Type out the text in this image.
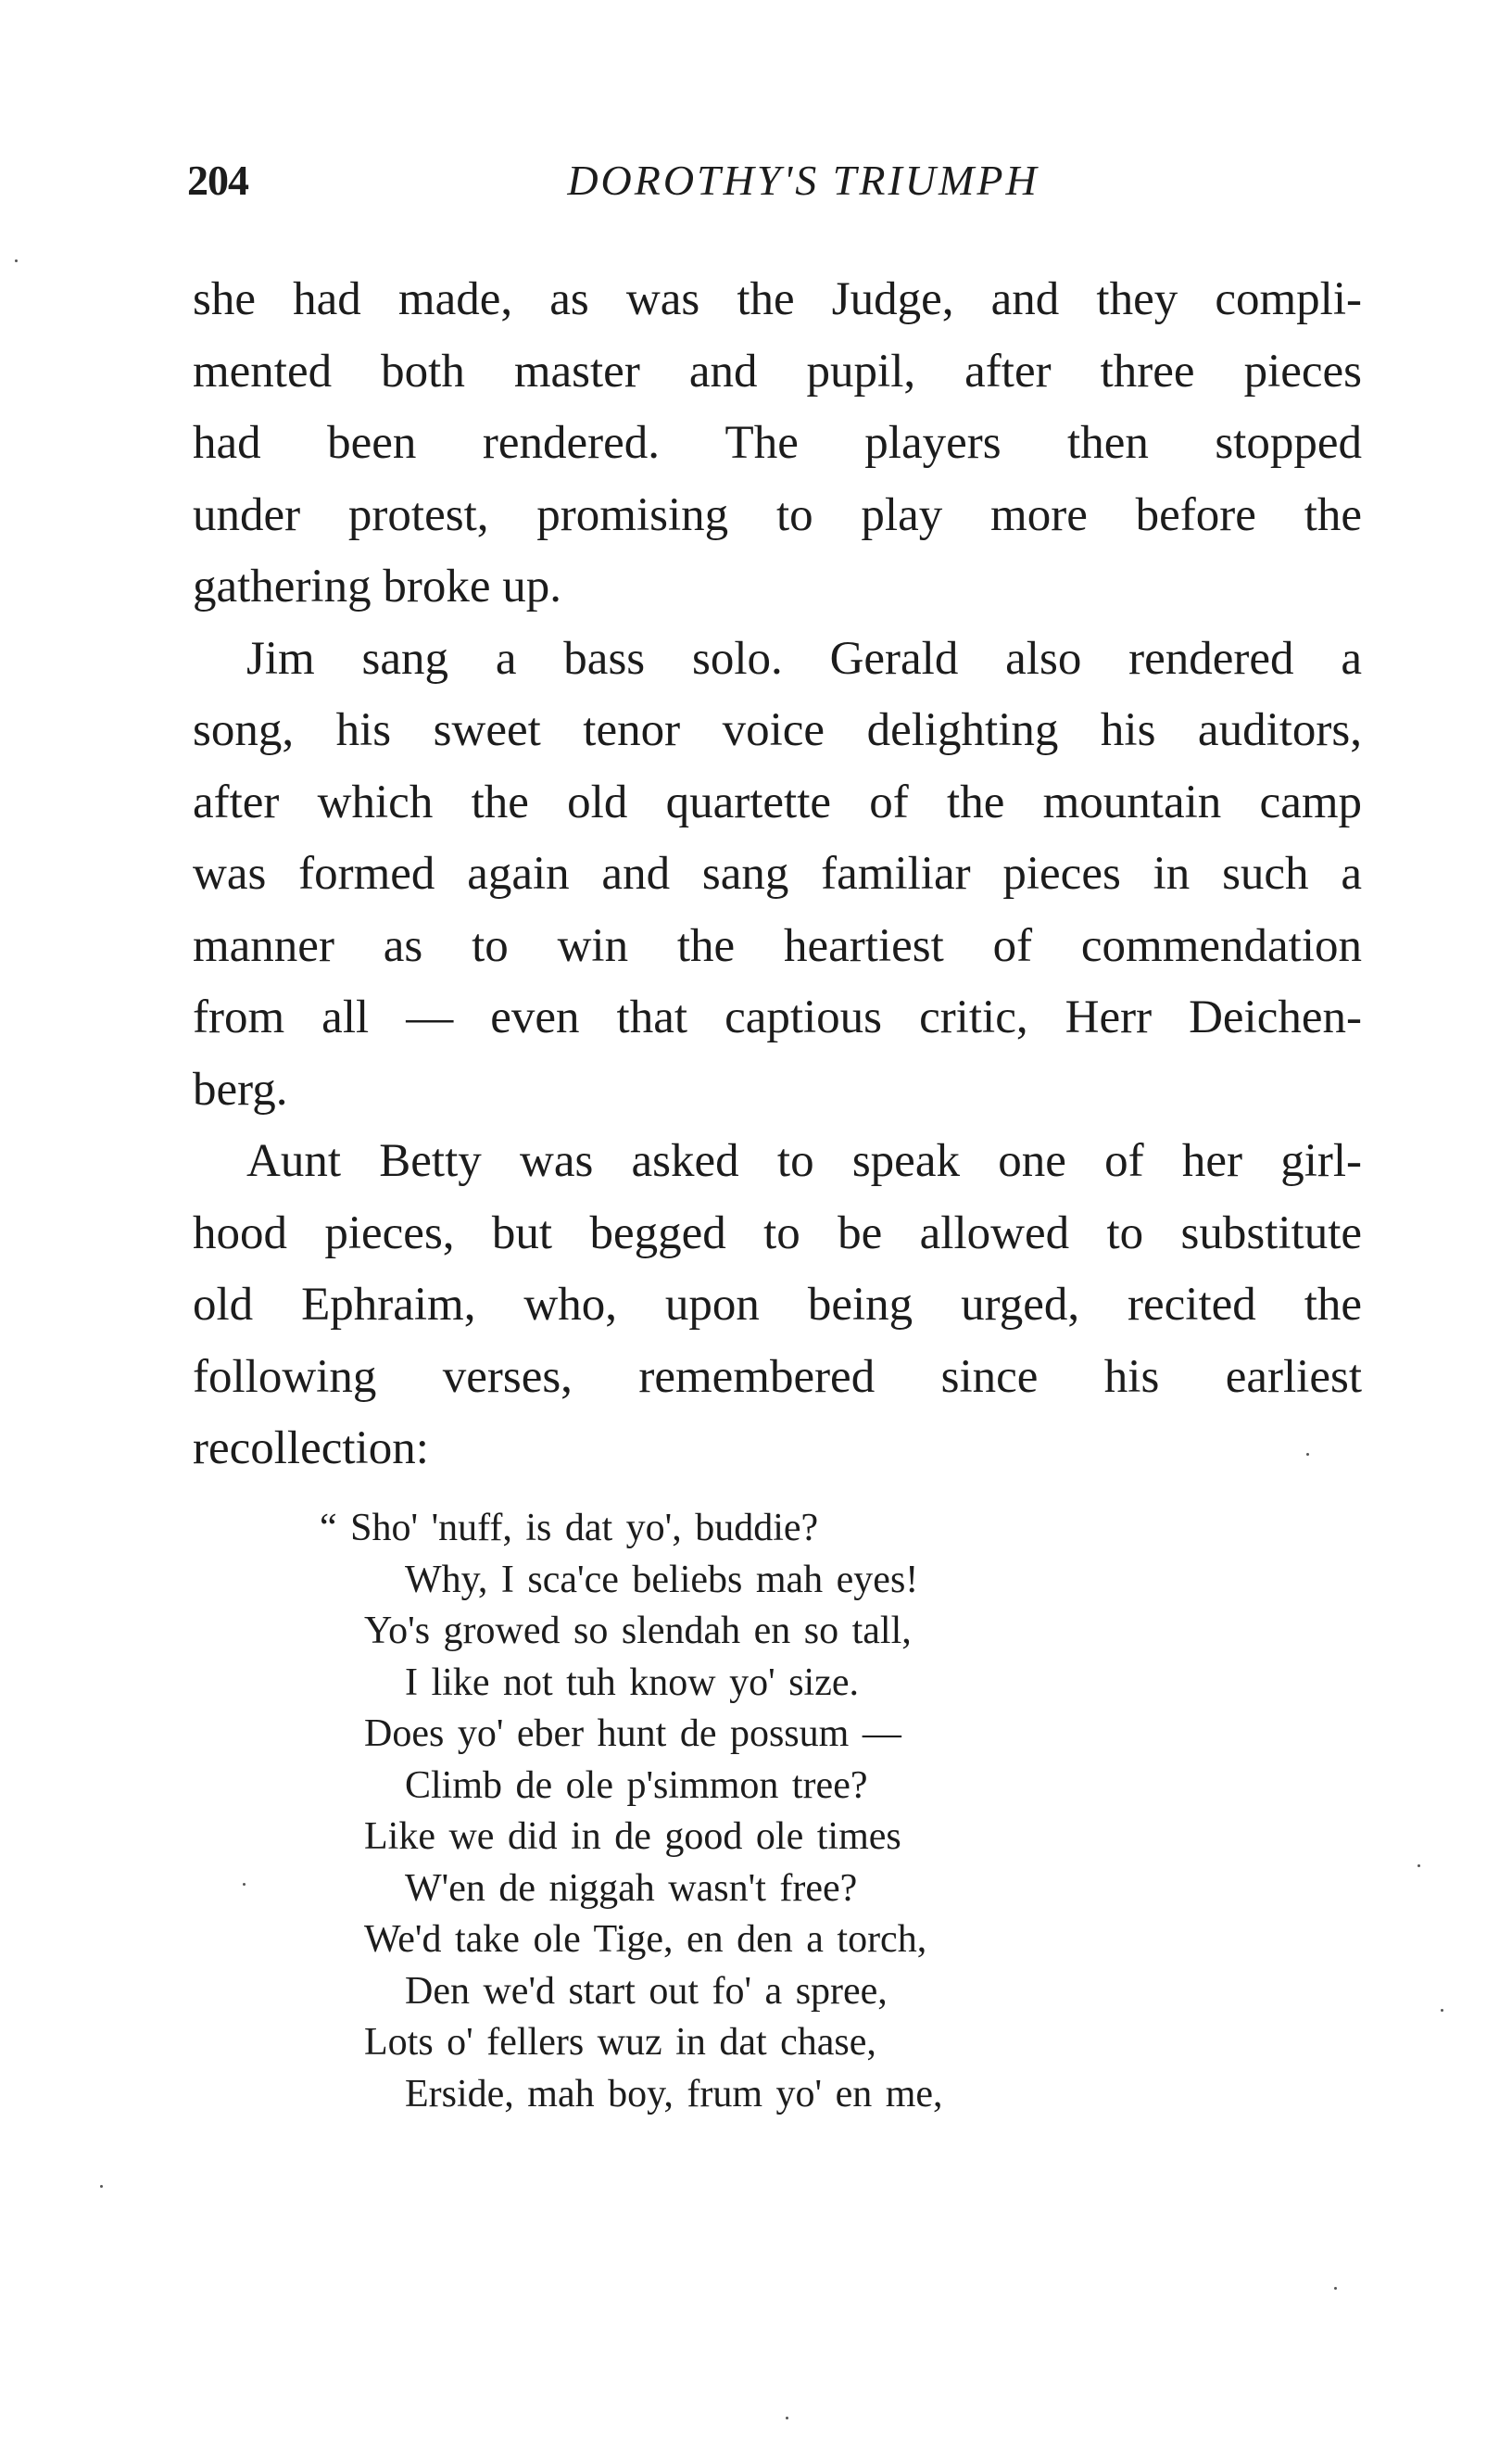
204	DOROTHY'S TRIUMPH
she had made, as was the Judge, and they compli-
mented both master and pupil, after three pieces
had been rendered. The players then stopped
under protest, promising to play more before the
gathering broke up.
Jim sang a bass solo. Gerald also rendered a
song, his sweet tenor voice delighting his auditors,
after which the old quartette of the mountain camp
was formed again and sang familiar pieces in such a
manner as to win the heartiest of commendation
from all — even that captious critic, Herr Deichen-
berg.
Aunt Betty was asked to speak one of her girl-
hood pieces, but begged to be allowed to substitute
old Ephraim, who, upon being urged, recited the
following verses, remembered since his earliest
recollection:
“ Sho' 'nuff, is dat yo', buddie?
Why, I sca'ce beliebs mah eyes!
Yo's growed so slendah en so tall,
I like not tuh know yo' size.
Does yo' eber hunt de possum —
Climb de ole p'simmon tree?
Like we did in de good ole times
W'en de niggah wasn't free?
We'd take ole Tige, en den a torch,
Den we'd start out fo' a spree,
Lots o' fellers wuz in dat chase,
Erside, mah boy, frum yo' en me,
